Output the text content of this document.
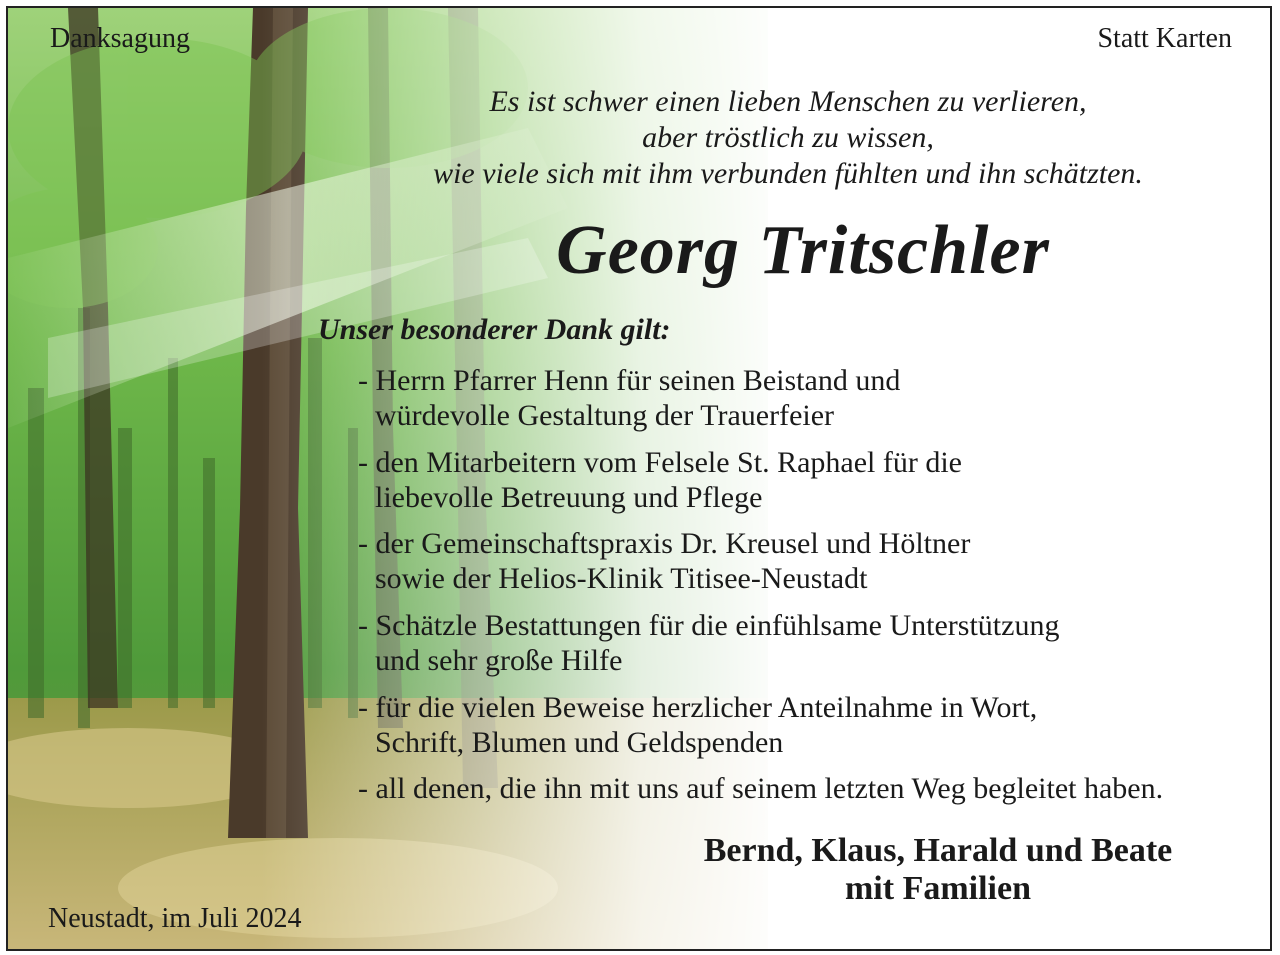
Danksagung	Statt Karten
Es ist schwer einen lieben Menschen zu verlieren,
aber tröstlich zu wissen,
wie viele sich mit ihm verbunden fühlten und ihn schätzten.
Georg Tritschler
Unser besonderer Dank gilt:
- Herrn Pfarrer Henn für seinen Beistand und
würdevolle Gestaltung der Trauerfeier
- den Mitarbeitern vom Felsele St. Raphael für die
liebevolle Betreuung und Pflege
- der Gemeinschaftspraxis Dr. Kreusel und Höltner
sowie der Helios-Klinik Titisee-Neustadt
- Schätzle Bestattungen für die einfühlsame Unterstützung
und sehr große Hilfe
- für die vielen Beweise herzlicher Anteilnahme in Wort,
Schrift, Blumen und Geldspenden
- all denen, die ihn mit uns auf seinem letzten Weg begleitet haben.
Bernd, Klaus, Harald und Beate
mit Familien
Neustadt, im Juli 2024
